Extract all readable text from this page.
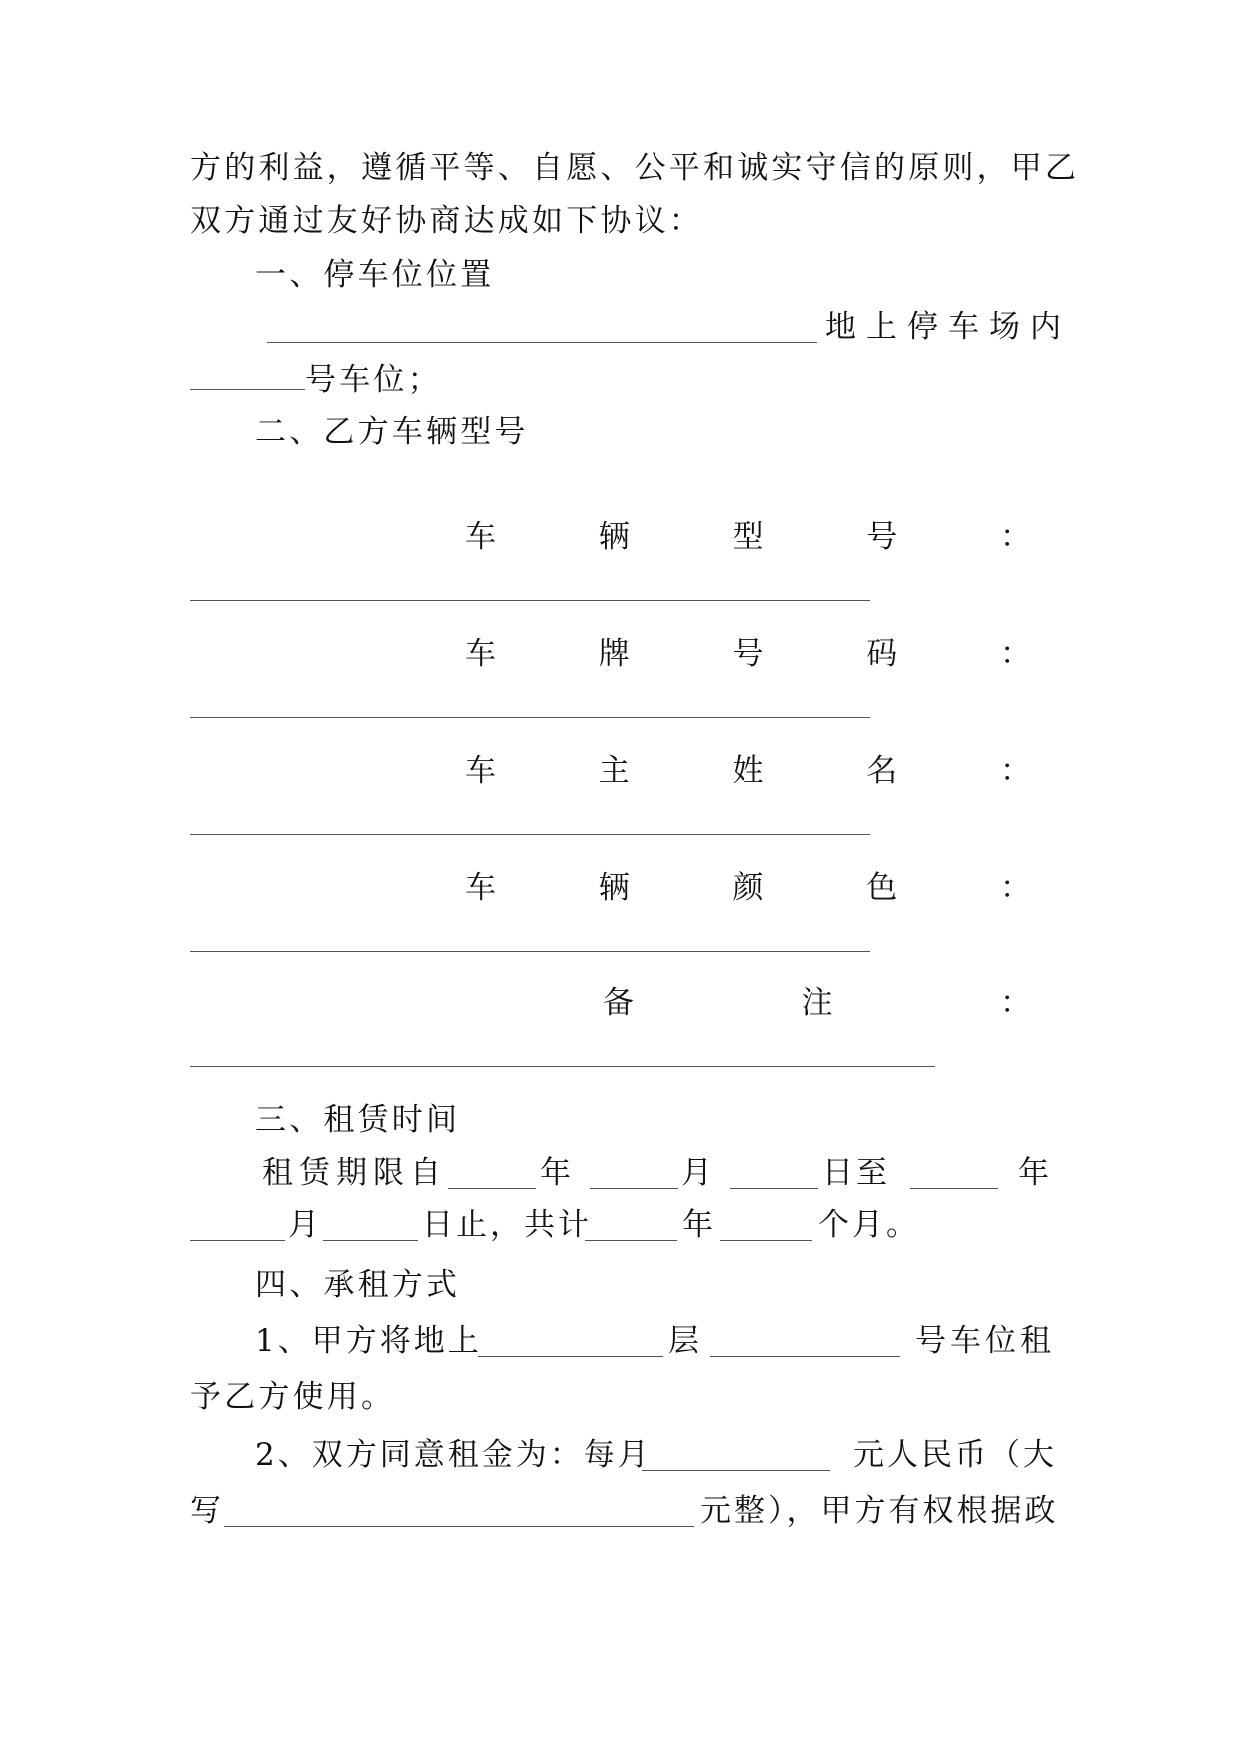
方的利益，遵循平等、自愿、公平和诚实守信的原则，甲乙
双方通过友好协商达成如下协议：
一、停车位位置
地上停车场内
号车位；
二、乙方车辆型号
车	辆	型	号	：
车	牌	号	码	：
车	主	姓	名	：
车	辆	颜	色	：
备	注	：
三、租赁时间
租赁期限自	年	月	日至	年
月	日止，共计	年	个月。
四、承租方式
1、甲方将地上	层	号车位租
予乙方使用。
2、双方同意租金为：每月	元人民币（大
写	元整），甲方有权根据政
